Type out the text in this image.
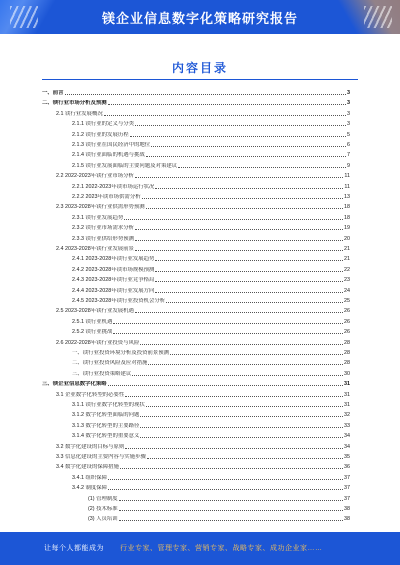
镁企业信息数字化策略研究报告
内容目录
一、前言	3
二、镁行业市场分析及预测	3
2.1 镁行业发展概况	3
2.1.1 镁行业的定义与分类	3
2.1.2 镁行业的发展历程	5
2.1.3 镁行业在国民经济中的地位	6
2.1.4 镁行业面临的机遇与挑战	7
2.1.5 镁行业发展面临的主要问题及对策建议	9
2.2 2022-2023年镁行业市场分析	11
2.2.1 2022-2023年镁市场运行状况	11
2.2.2 2023年镁市场供需分析	13
2.3 2023-2028年镁行业供需形势预测	18
2.3.1 镁行业发展趋势	18
2.3.2 镁行业市场需求分析	19
2.3.3 镁行业供给形势预测	20
2.4 2023-2028年镁行业发展前景	21
2.4.1 2023-2028年镁行业发展趋势	21
2.4.2 2023-2028年镁市场规模预测	22
2.4.3 2023-2028年镁行业竞争格局	23
2.4.4 2023-2028年镁行业发展方向	24
2.4.5 2023-2028年镁行业投资机会分析	25
2.5 2023-2028年镁行业发展机遇	26
2.5.1 镁行业机遇	26
2.5.2 镁行业挑战	26
2.6 2022-2028年镁行业投资与风险	28
一、镁行业投资环境分析及投资前景预测	28
二、镁行业投资风险及应对措施	28
三、镁行业投资策略建议	30
三、镁企业信息数字化策略	31
3.1 企业数字化转型的必要性	31
3.1.1 镁行业数字化转型的现状	31
3.1.2 数字化转型面临的问题	32
3.1.3 数字化转型的主要路径	33
3.1.4 数字化转型的重要意义	34
3.2 数字化建设的目标与原则	34
3.3 信息化建设的主要内容与实施步骤	35
3.4 数字化建设的保障措施	36
3.4.1 组织保障	37
3.4.2 制度保障	37
(1) 管理制度	37
(2) 技术标准	38
(3) 人员培训	38
让每个人都能成为 行业专家、管理专家、营销专家、战略专家、成功企业家……
